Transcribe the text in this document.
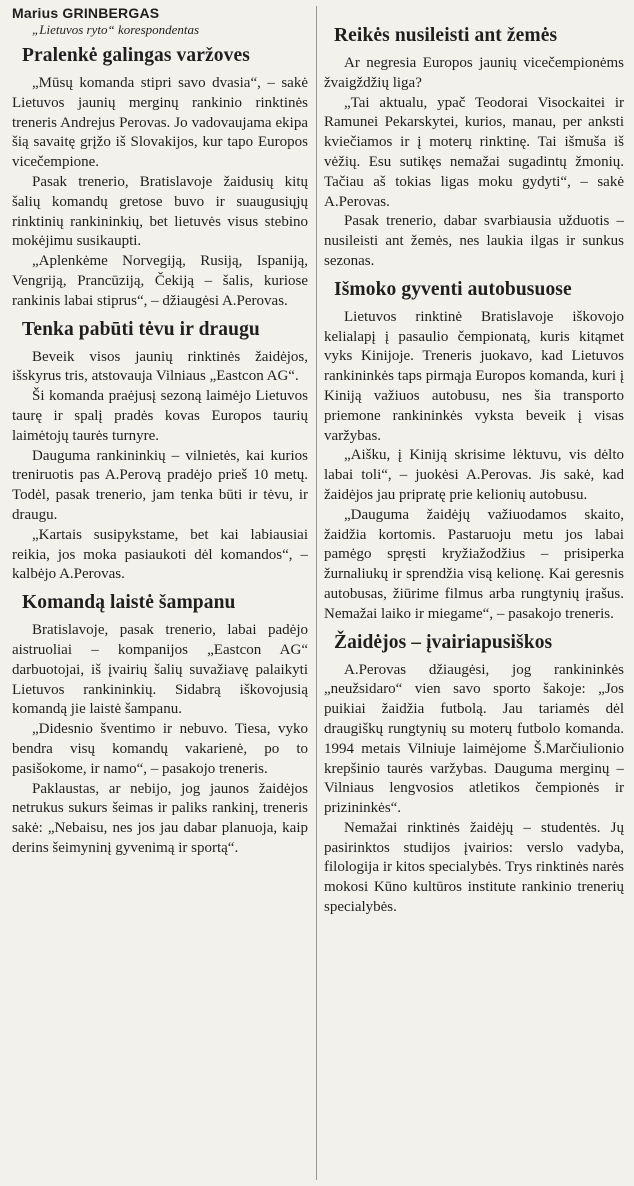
Marius GRINBERGAS

„Lietuvos ryto“ korespondentas

Pralenkė galingas varžoves

„Mūsų komanda stipri savo dvasia“, – sakė Lietuvos jaunių merginų rankinio rinktinės treneris Andrejus Perovas. Jo vadovaujama ekipa šią savaitę grįžo iš Slovakijos, kur tapo Europos vicečempione.

Pasak trenerio, Bratislavoje žaidusių kitų šalių komandų gretose buvo ir suaugusiųjų rinktinių rankininkių, bet lietuvės visus stebino mokėjimu susikaupti.

„Aplenkėme Norvegiją, Rusiją, Ispaniją, Vengriją, Prancūziją, Čekiją – šalis, kuriose rankinis labai stiprus“, – džiaugėsi A.Perovas.

Tenka pabūti tėvu ir draugu

Beveik visos jaunių rinktinės žaidėjos, išskyrus tris, atstovauja Vilniaus „Eastcon AG“.

Ši komanda praėjusį sezoną laimėjo Lietuvos taurę ir spalį pradės kovas Europos taurių laimėtojų taurės turnyre.

Dauguma rankininkių – vilnietės, kai kurios treniruotis pas A.Perovą pradėjo prieš 10 metų. Todėl, pasak trenerio, jam tenka būti ir tėvu, ir draugu.

„Kartais susipykstame, bet kai labiausiai reikia, jos moka pasiaukoti dėl komandos“, – kalbėjo A.Perovas.

Komandą laistė šampanu

Bratislavoje, pasak trenerio, labai padėjo aistruoliai – kompanijos „Eastcon AG“ darbuotojai, iš įvairių šalių suvažiavę palaikyti Lietuvos rankininkių. Sidabrą iškovojusią komandą jie laistė šampanu.

„Didesnio šventimo ir nebuvo. Tiesa, vyko bendra visų komandų vakarienė, po to pasišokome, ir namo“, – pasakojo treneris.

Paklaustas, ar nebijo, jog jaunos žaidėjos netrukus sukurs šeimas ir paliks rankinį, treneris sakė: „Nebaisu, nes jos jau dabar planuoja, kaip derins šeimyninį gyvenimą ir sportą“.

Reikės nusileisti ant žemės

Ar negresia Europos jaunių vicečempionėms žvaigždžių liga?

„Tai aktualu, ypač Teodorai Visockaitei ir Ramunei Pekarskytei, kurios, manau, per anksti kviečiamos ir į moterų rinktinę. Tai išmuša iš vėžių. Esu sutikęs nemažai sugadintų žmonių. Tačiau aš tokias ligas moku gydyti“, – sakė A.Perovas.

Pasak trenerio, dabar svarbiausia užduotis – nusileisti ant žemės, nes laukia ilgas ir sunkus sezonas.

Išmoko gyventi autobusuose

Lietuvos rinktinė Bratislavoje iškovojo kelialapį į pasaulio čempionatą, kuris kitąmet vyks Kinijoje. Treneris juokavo, kad Lietuvos rankininkės taps pirmąja Europos komanda, kuri į Kiniją važiuos autobusu, nes šia transporto priemone rankininkės vyksta beveik į visas varžybas.

„Aišku, į Kiniją skrisime lėktuvu, vis dėlto labai toli“, – juokėsi A.Perovas. Jis sakė, kad žaidėjos jau pripratę prie kelionių autobusu.

„Dauguma žaidėjų važiuodamos skaito, žaidžia kortomis. Pastaruoju metu jos labai pamėgo spręsti kryžiažodžius – prisiperka žurnaliukų ir sprendžia visą kelionę. Kai geresnis autobusas, žiūrime filmus arba rungtynių įrašus. Nemažai laiko ir miegame“, – pasakojo treneris.

Žaidėjos – įvairiapusiškos

A.Perovas džiaugėsi, jog rankininkės „neužsidaro“ vien savo sporto šakoje: „Jos puikiai žaidžia futbolą. Jau tariamės dėl draugiškų rungtynių su moterų futbolo komanda. 1994 metais Vilniuje laimėjome Š.Marčiulionio krepšinio taurės varžybas. Dauguma merginų – Vilniaus lengvosios atletikos čempionės ir prizininkės“.

Nemažai rinktinės žaidėjų – studentės. Jų pasirinktos studijos įvairios: verslo vadyba, filologija ir kitos specialybės. Trys rinktinės narės mokosi Kūno kultūros institute rankinio trenerių specialybės.
